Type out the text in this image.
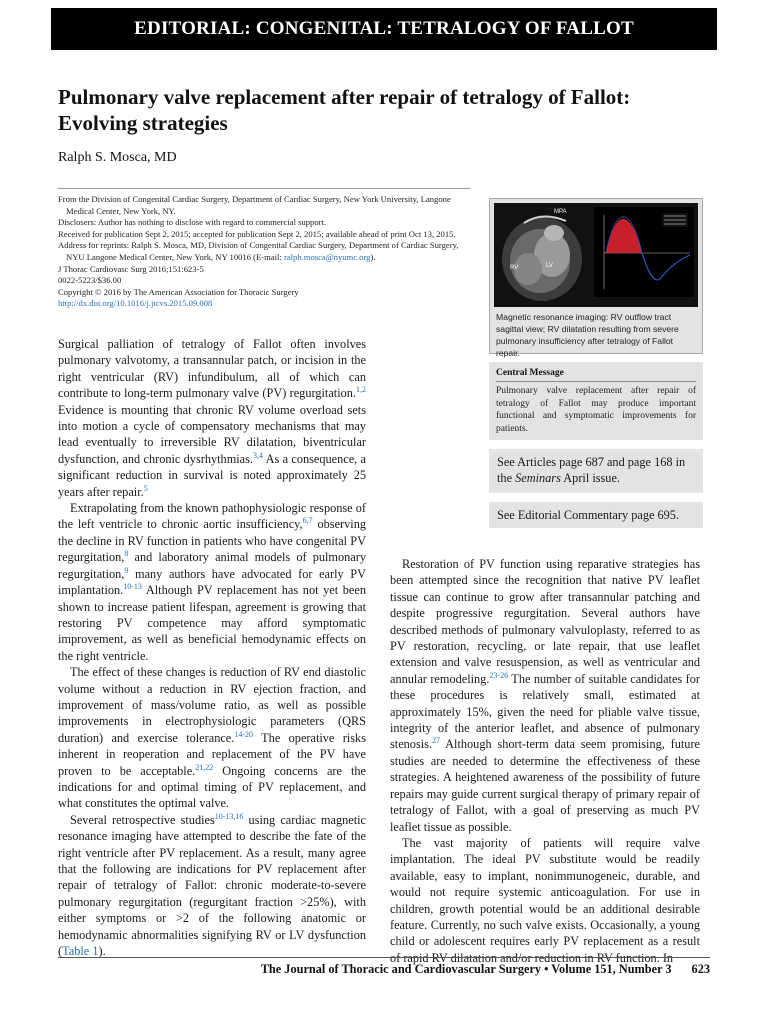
EDITORIAL: CONGENITAL: TETRALOGY OF FALLOT
Pulmonary valve replacement after repair of tetralogy of Fallot:
Evolving strategies
Ralph S. Mosca, MD

From the Division of Congenital Cardiac Surgery, Department of Cardiac Surgery, New York University, Langone Medical Center, New York, NY.

Disclosers: Author has nothing to disclose with regard to commercial support.

Received for publication Sept 2, 2015; accepted for publication Sept 2, 2015; available ahead of print Oct 13, 2015.

Address for reprints: Ralph S. Mosca, MD, Division of Congenital Cardiac Surgery, Department of Cardiac Surgery, NYU Langone Medical Center, New York, NY 10016 (E-mail: ralph.mosca@nyumc.org).

J Thorac Cardiovasc Surg 2016;151:623-5

0022-5223/$36.00

Copyright © 2016 by The American Association for Thoracic Surgery

http://dx.doi.org/10.1016/j.jtcvs.2015.09.008

MPA
RV	LV
Magnetic resonance imaging: RV outflow tract sagittal view; RV dilatation resulting from severe pulmonary insufficiency after tetralogy of Fallot repair.
Central Message
Pulmonary valve replacement after repair of tetralogy of Fallot may produce important functional and symptomatic improvements for patients.
See Articles page 687 and page 168 in the Seminars April issue.
See Editorial Commentary page 695.

Surgical palliation of tetralogy of Fallot often involves pulmonary valvotomy, a transannular patch, or incision in the right ventricular (RV) infundibulum, all of which can contribute to long-term pulmonary valve (PV) regurgitation.$^{1,2}$ Evidence is mounting that chronic RV volume overload sets into motion a cycle of compensatory mechanisms that may lead eventually to irreversible RV dilatation, biventricular dysfunction, and chronic dysrhythmias.$^{3,4}$ As a consequence, a significant reduction in survival is noted approximately 25 years after repair.$^5$

Extrapolating from the known pathophysiologic response of the left ventricle to chronic aortic insufficiency,$^{6,7}$ observing the decline in RV function in patients who have congenital PV regurgitation,$^8$ and laboratory animal models of pulmonary regurgitation,$^9$ many authors have advocated for early PV implantation.$^{10-13}$ Although PV replacement has not yet been shown to increase patient lifespan, agreement is growing that restoring PV competence may afford symptomatic improvement, as well as beneficial hemodynamic effects on the right ventricle.

The effect of these changes is reduction of RV end diastolic volume without a reduction in RV ejection fraction, and improvement of mass/volume ratio, as well as possible improvements in electrophysiologic parameters (QRS duration) and exercise tolerance.$^{14-20}$ The operative risks inherent in reoperation and replacement of the PV have proven to be acceptable.$^{21,22}$ Ongoing concerns are the indications for and optimal timing of PV replacement, and what constitutes the optimal valve.

Several retrospective studies$^{10-13,16}$ using cardiac magnetic resonance imaging have attempted to describe the fate of the right ventricle after PV replacement. As a result, many agree that the following are indications for PV replacement after repair of tetralogy of Fallot: chronic moderate-to-severe pulmonary regurgitation (regurgitant fraction >25%), with either symptoms or >2 of the following anatomic or hemodynamic abnormalities signifying RV or LV dysfunction (Table 1).

Restoration of PV function using reparative strategies has been attempted since the recognition that native PV leaflet tissue can continue to grow after transannular patching and despite progressive regurgitation. Several authors have described methods of pulmonary valvuloplasty, referred to as PV restoration, recycling, or late repair, that use leaflet extension and valve resuspension, as well as ventricular and annular remodeling.$^{23-26}$ The number of suitable candidates for these procedures is relatively small, estimated at approximately 15%, given the need for pliable valve tissue, integrity of the anterior leaflet, and absence of pulmonary stenosis.$^{27}$ Although short-term data seem promising, future studies are needed to determine the effectiveness of these strategies. A heightened awareness of the possibility of future repairs may guide current surgical therapy of primary repair of tetralogy of Fallot, with a goal of preserving as much PV leaflet tissue as possible.

The vast majority of patients will require valve implantation. The ideal PV substitute would be readily available, easy to implant, nonimmunogeneic, durable, and would not require systemic anticoagulation. For use in children, growth potential would be an additional desirable feature. Currently, no such valve exists. Occasionally, a young child or adolescent requires early PV replacement as a result of rapid RV dilatation and/or reduction in RV function. In

The Journal of Thoracic and Cardiovascular Surgery • Volume 151, Number 3 623
